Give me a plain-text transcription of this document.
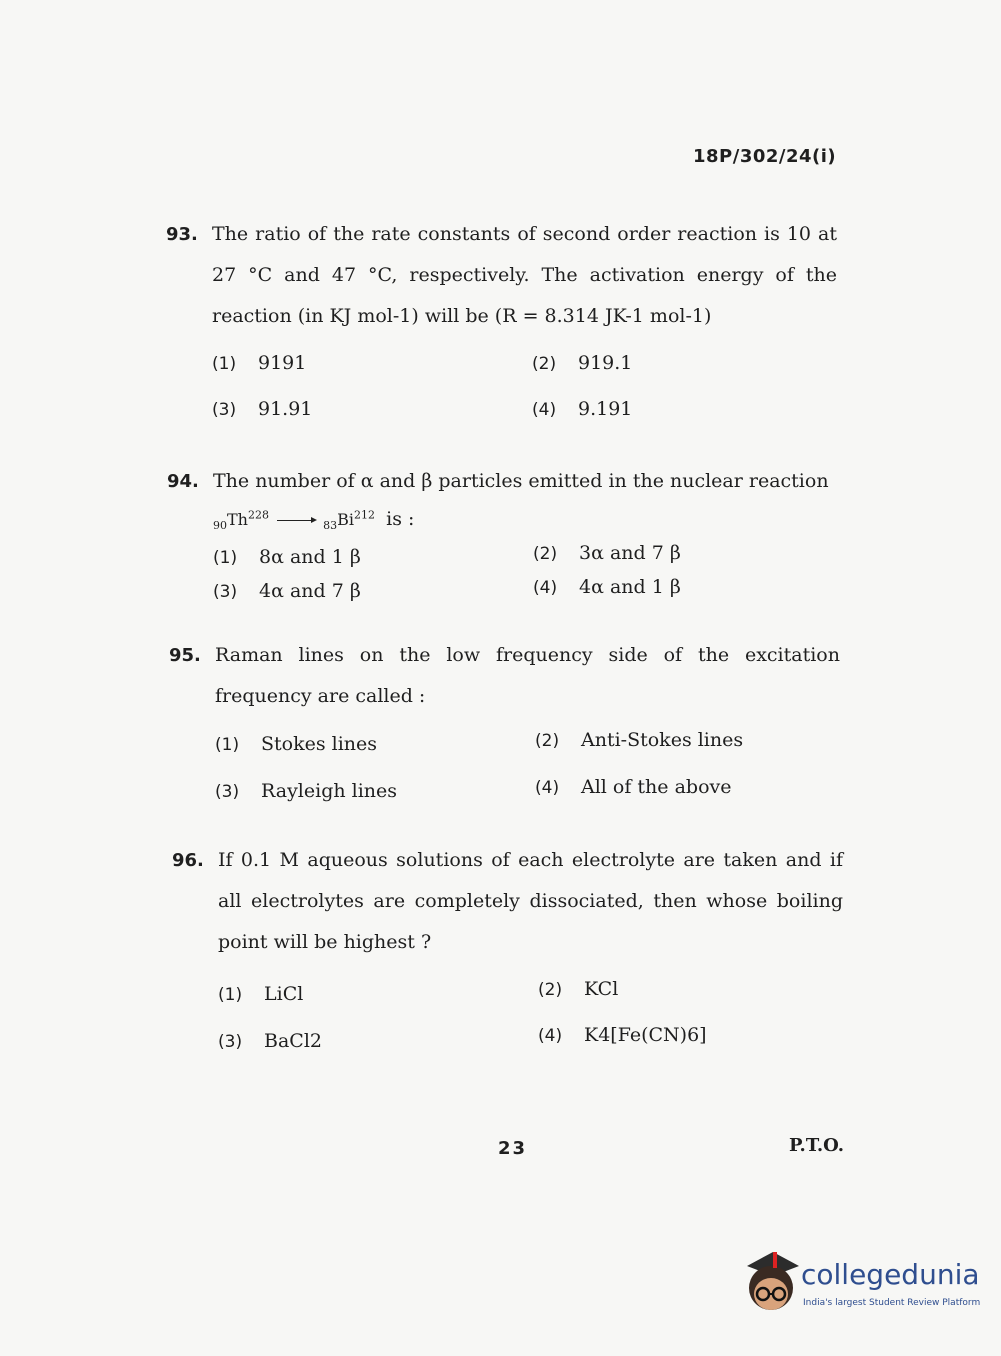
18P/302/24(i)
93. The ratio of the rate constants of second order reaction is 10 at 27 °C and 47 °C, respectively. The activation energy of the reaction (in KJ mol-1) will be (R = 8.314 JK-1 mol-1)
(1) 9191	(2) 919.1
(3) 91.91	(4) 9.191
94. The number of α and β particles emitted in the nuclear reaction
$_{90}Th^{228} \to _{83}Bi^{212}$ is :
(1) 8α and 1 β	(2) 3α and 7 β
(3) 4α and 7 β	(4) 4α and 1 β
95. Raman lines on the low frequency side of the excitation frequency are called :
(1) Stokes lines	(2) Anti-Stokes lines
(3) Rayleigh lines	(4) All of the above
96. If 0.1 M aqueous solutions of each electrolyte are taken and if all electrolytes are completely dissociated, then whose boiling point will be highest ?
(1) LiCl	(2) KCl
(3) BaCl2	(4) K4[Fe(CN)6]
23	P.T.O.
collegedunia
India's largest Student Review Platform
